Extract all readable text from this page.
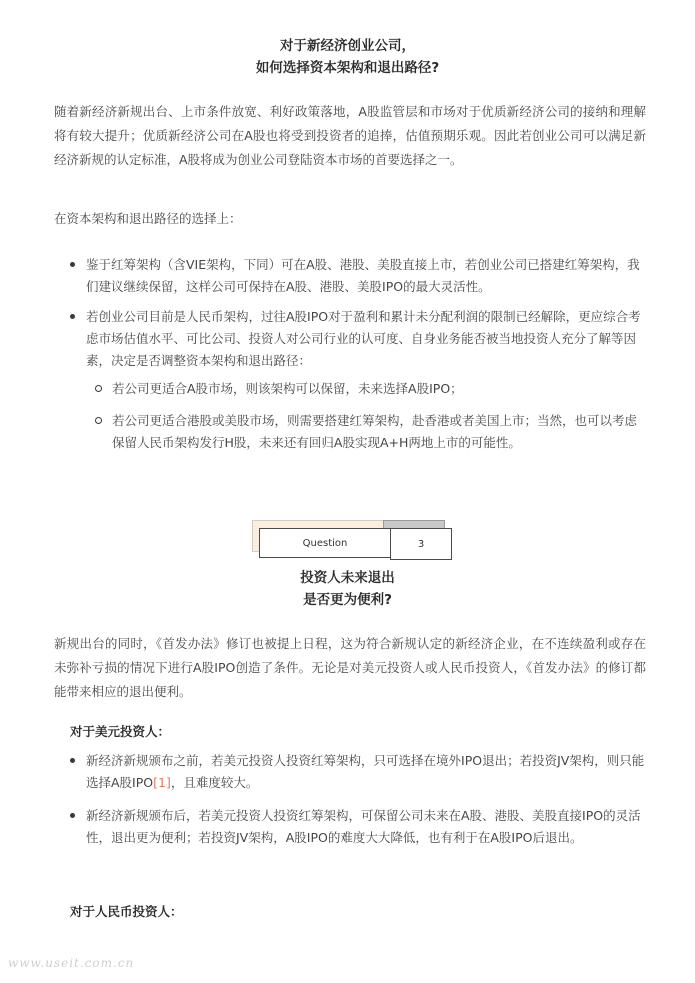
对于新经济创业公司，
如何选择资本架构和退出路径?
随着新经济新规出台、上市条件放宽、利好政策落地，A股监管层和市场对于优质新经济公司的接纳和理解将有较大提升；优质新经济公司在A股也将受到投资者的追捧，估值预期乐观。因此若创业公司可以满足新经济新规的认定标准，A股将成为创业公司登陆资本市场的首要选择之一。
在资本架构和退出路径的选择上：
鉴于红筹架构（含VIE架构，下同）可在A股、港股、美股直接上市，若创业公司已搭建红筹架构，我们建议继续保留，这样公司可保持在A股、港股、美股IPO的最大灵活性。
若创业公司目前是人民币架构，过往A股IPO对于盈利和累计未分配利润的限制已经解除，更应综合考虑市场估值水平、可比公司、投资人对公司行业的认可度、自身业务能否被当地投资人充分了解等因素，决定是否调整资本架构和退出路径：
若公司更适合A股市场，则该架构可以保留，未来选择A股IPO；
若公司更适合港股或美股市场，则需要搭建红筹架构，赴香港或者美国上市；当然，也可以考虑保留人民币架构发行H股，未来还有回归A股实现A+H两地上市的可能性。
Question	3
投资人未来退出
是否更为便利?
新规出台的同时，《首发办法》修订也被提上日程，这为符合新规认定的新经济企业，在不连续盈利或存在未弥补亏损的情况下进行A股IPO创造了条件。无论是对美元投资人或人民币投资人，《首发办法》的修订都能带来相应的退出便利。
对于美元投资人：
新经济新规颁布之前，若美元投资人投资红筹架构，只可选择在境外IPO退出；若投资JV架构，则只能选择A股IPO[1]，且难度较大。
新经济新规颁布后，若美元投资人投资红筹架构，可保留公司未来在A股、港股、美股直接IPO的灵活性，退出更为便利；若投资JV架构，A股IPO的难度大大降低，也有利于在A股IPO后退出。
对于人民币投资人：
www.useit.com.cn
